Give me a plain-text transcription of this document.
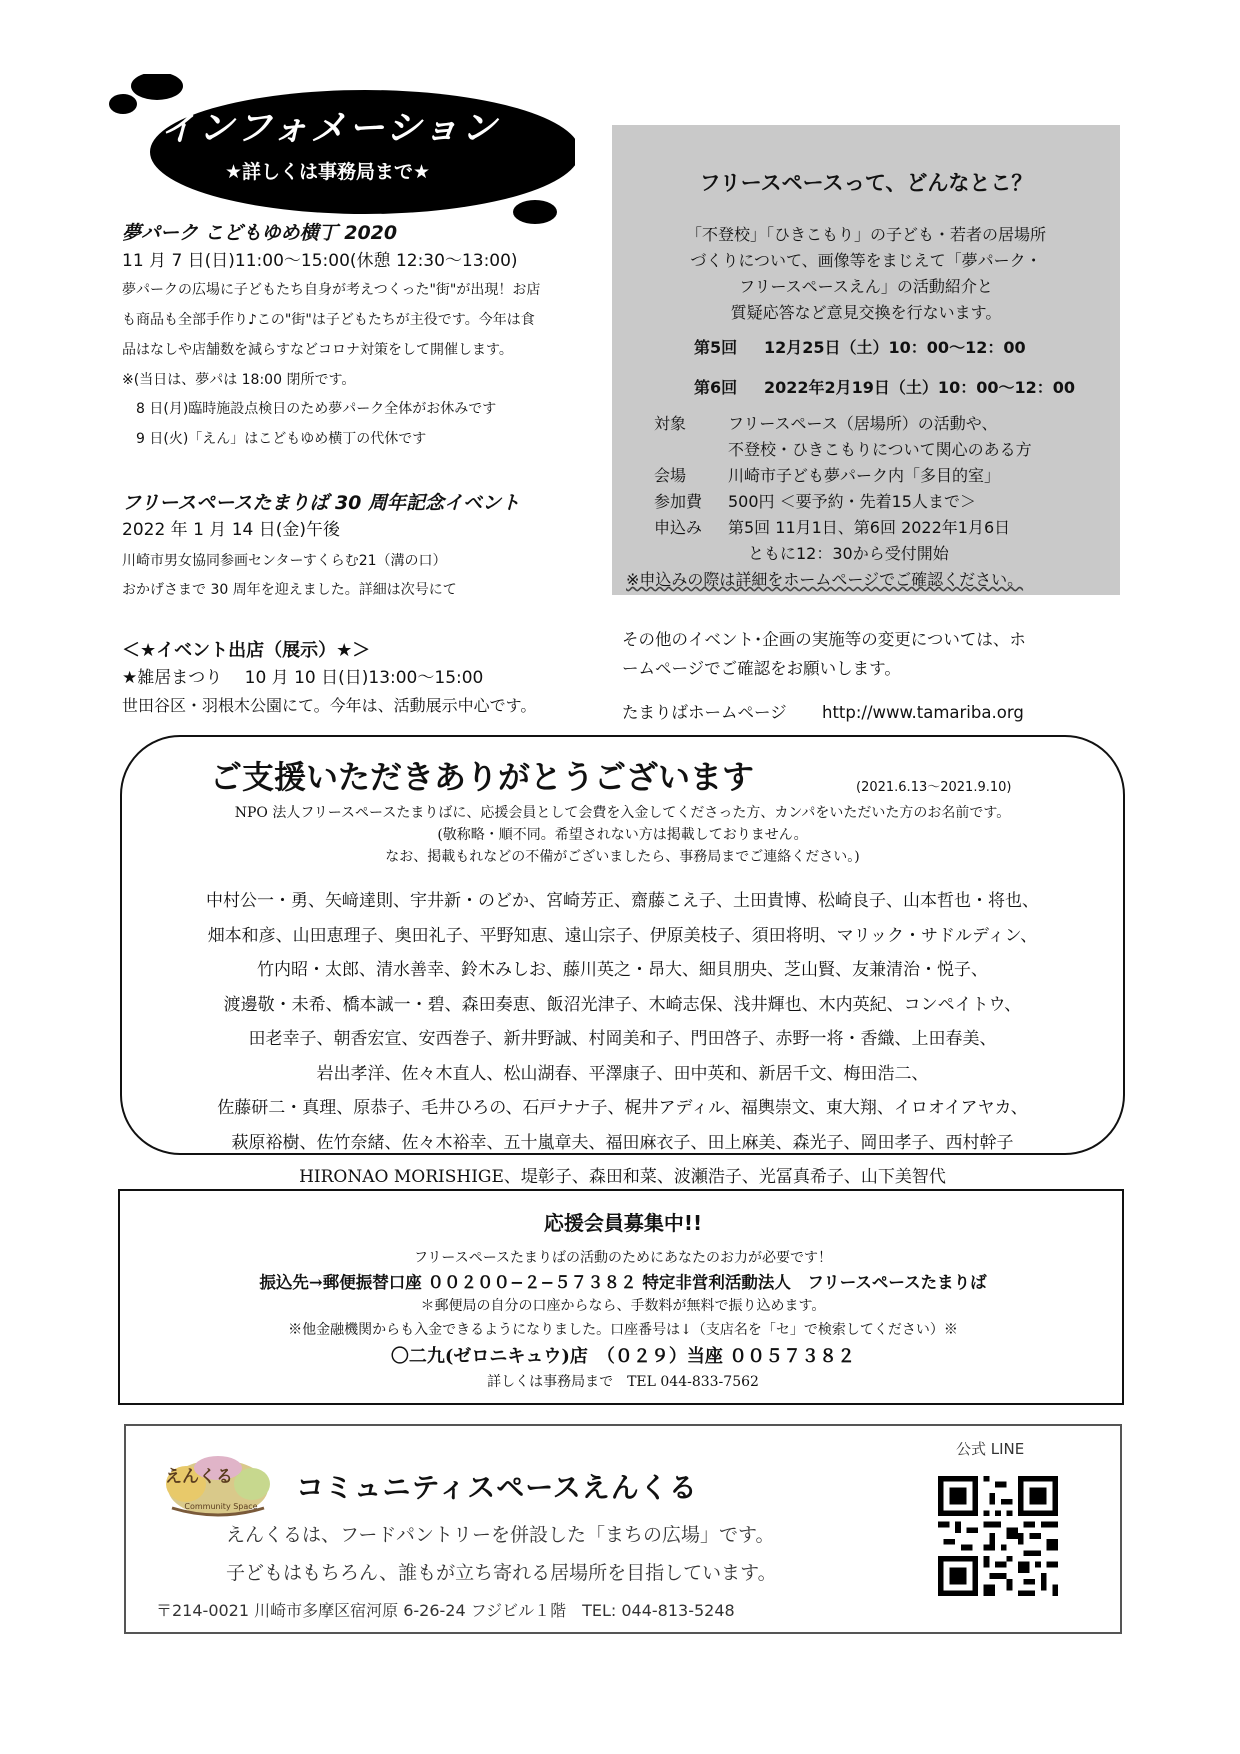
インフォメーション
★詳しくは事務局まで★
夢パーク こどもゆめ横丁 2020
11 月 7 日(日)11:00～15:00(休憩 12:30～13:00)
夢パークの広場に子どもたち自身が考えつくった"街"が出現！お店
も商品も全部手作り♪この"街"は子どもたちが主役です。今年は食
品はなしや店舗数を減らすなどコロナ対策をして開催します。
※(当日は、夢パは 18:00 閉所です。
8 日(月)臨時施設点検日のため夢パーク全体がお休みです
9 日(火)「えん」はこどもゆめ横丁の代休です
フリースペースたまりば 30 周年記念イベント
2022 年 1 月 14 日(金)午後
川崎市男女協同参画センターすくらむ21（溝の口）
おかげさまで 30 周年を迎えました。詳細は次号にて
＜★イベント出店（展示）★＞
★雑居まつり　 10 月 10 日(日)13:00～15:00
世田谷区・羽根木公園にて。今年は、活動展示中心です。
フリースペースって、どんなとこ？
「不登校」「ひきこもり」の子ども・若者の居場所
づくりについて、画像等をまじえて「夢パーク・
フリースペースえん」の活動紹介と
質疑応答など意見交換を行ないます。
第5回 12月25日（土）10：00～12：00
第6回 2022年2月19日（土）10：00～12：00
対象	フリースペース（居場所）の活動や、
不登校・ひきこもりについて関心のある方
会場	川崎市子ども夢パーク内「多目的室」
参加費 500円 ＜要予約・先着15人まで＞
申込み 第5回 11月1日、第6回 2022年1月6日
ともに12：30から受付開始
※申込みの際は詳細をホームページでご確認ください。
その他のイベント･企画の実施等の変更については、ホ
ームページでご確認をお願いします。
たまりばホームページ http://www.tamariba.org
ご支援いただきありがとうございます	(2021.6.13～2021.9.10)
NPO 法人フリースペースたまりばに、応援会員として会費を入金してくださった方、カンパをいただいた方のお名前です。
(敬称略・順不同。希望されない方は掲載しておりません。
なお、掲載もれなどの不備がございましたら、事務局までご連絡ください。)
中村公一・勇、矢﨑達則、宇井新・のどか、宮崎芳正、齋藤こえ子、土田貴博、松崎良子、山本哲也・将也、
畑本和彦、山田恵理子、奥田礼子、平野知恵、遠山宗子、伊原美枝子、須田将明、マリック・サドルディン、
竹内昭・太郎、清水善幸、鈴木みしお、藤川英之・昂大、細貝朋央、芝山賢、友兼清治・悦子、
渡邊敬・未希、橋本誠一・碧、森田奏恵、飯沼光津子、木崎志保、浅井輝也、木内英紀、コンペイトウ、
田老幸子、朝香宏宣、安西巻子、新井野誠、村岡美和子、門田啓子、赤野一将・香織、上田春美、
岩出孝洋、佐々木直人、松山湖春、平澤康子、田中英和、新居千文、梅田浩二、
佐藤研二・真理、原恭子、毛井ひろの、石戸ナナ子、梶井アディル、福輿崇文、東大翔、イロオイアヤカ、
萩原裕樹、佐竹奈緒、佐々木裕幸、五十嵐章夫、福田麻衣子、田上麻美、森光子、岡田孝子、西村幹子
HIRONAO MORISHIGE、堤彰子、森田和菜、波瀬浩子、光冨真希子、山下美智代
応援会員募集中!!
フリースペースたまりばの活動のためにあなたのお力が必要です！
振込先→郵便振替口座 ００２００−２−５７３８２ 特定非営利活動法人　フリースペースたまりば
＊郵便局の自分の口座からなら、手数料が無料で振り込めます。
※他金融機関からも入金できるようになりました。口座番号は↓（支店名を「セ」で検索してください）※
〇二九(ゼロニキュウ)店　（０２９）当座 ００５７３８２
詳しくは事務局まで　TEL 044-833-7562
えんくる
Community Space
コミュニティスペースえんくる
えんくるは、フードパントリーを併設した「まちの広場」です。
子どもはもちろん、誰もが立ち寄れる居場所を目指しています。
〒214-0021 川崎市多摩区宿河原 6-26-24 フジビル１階　TEL: 044-813-5248
公式 LINE
